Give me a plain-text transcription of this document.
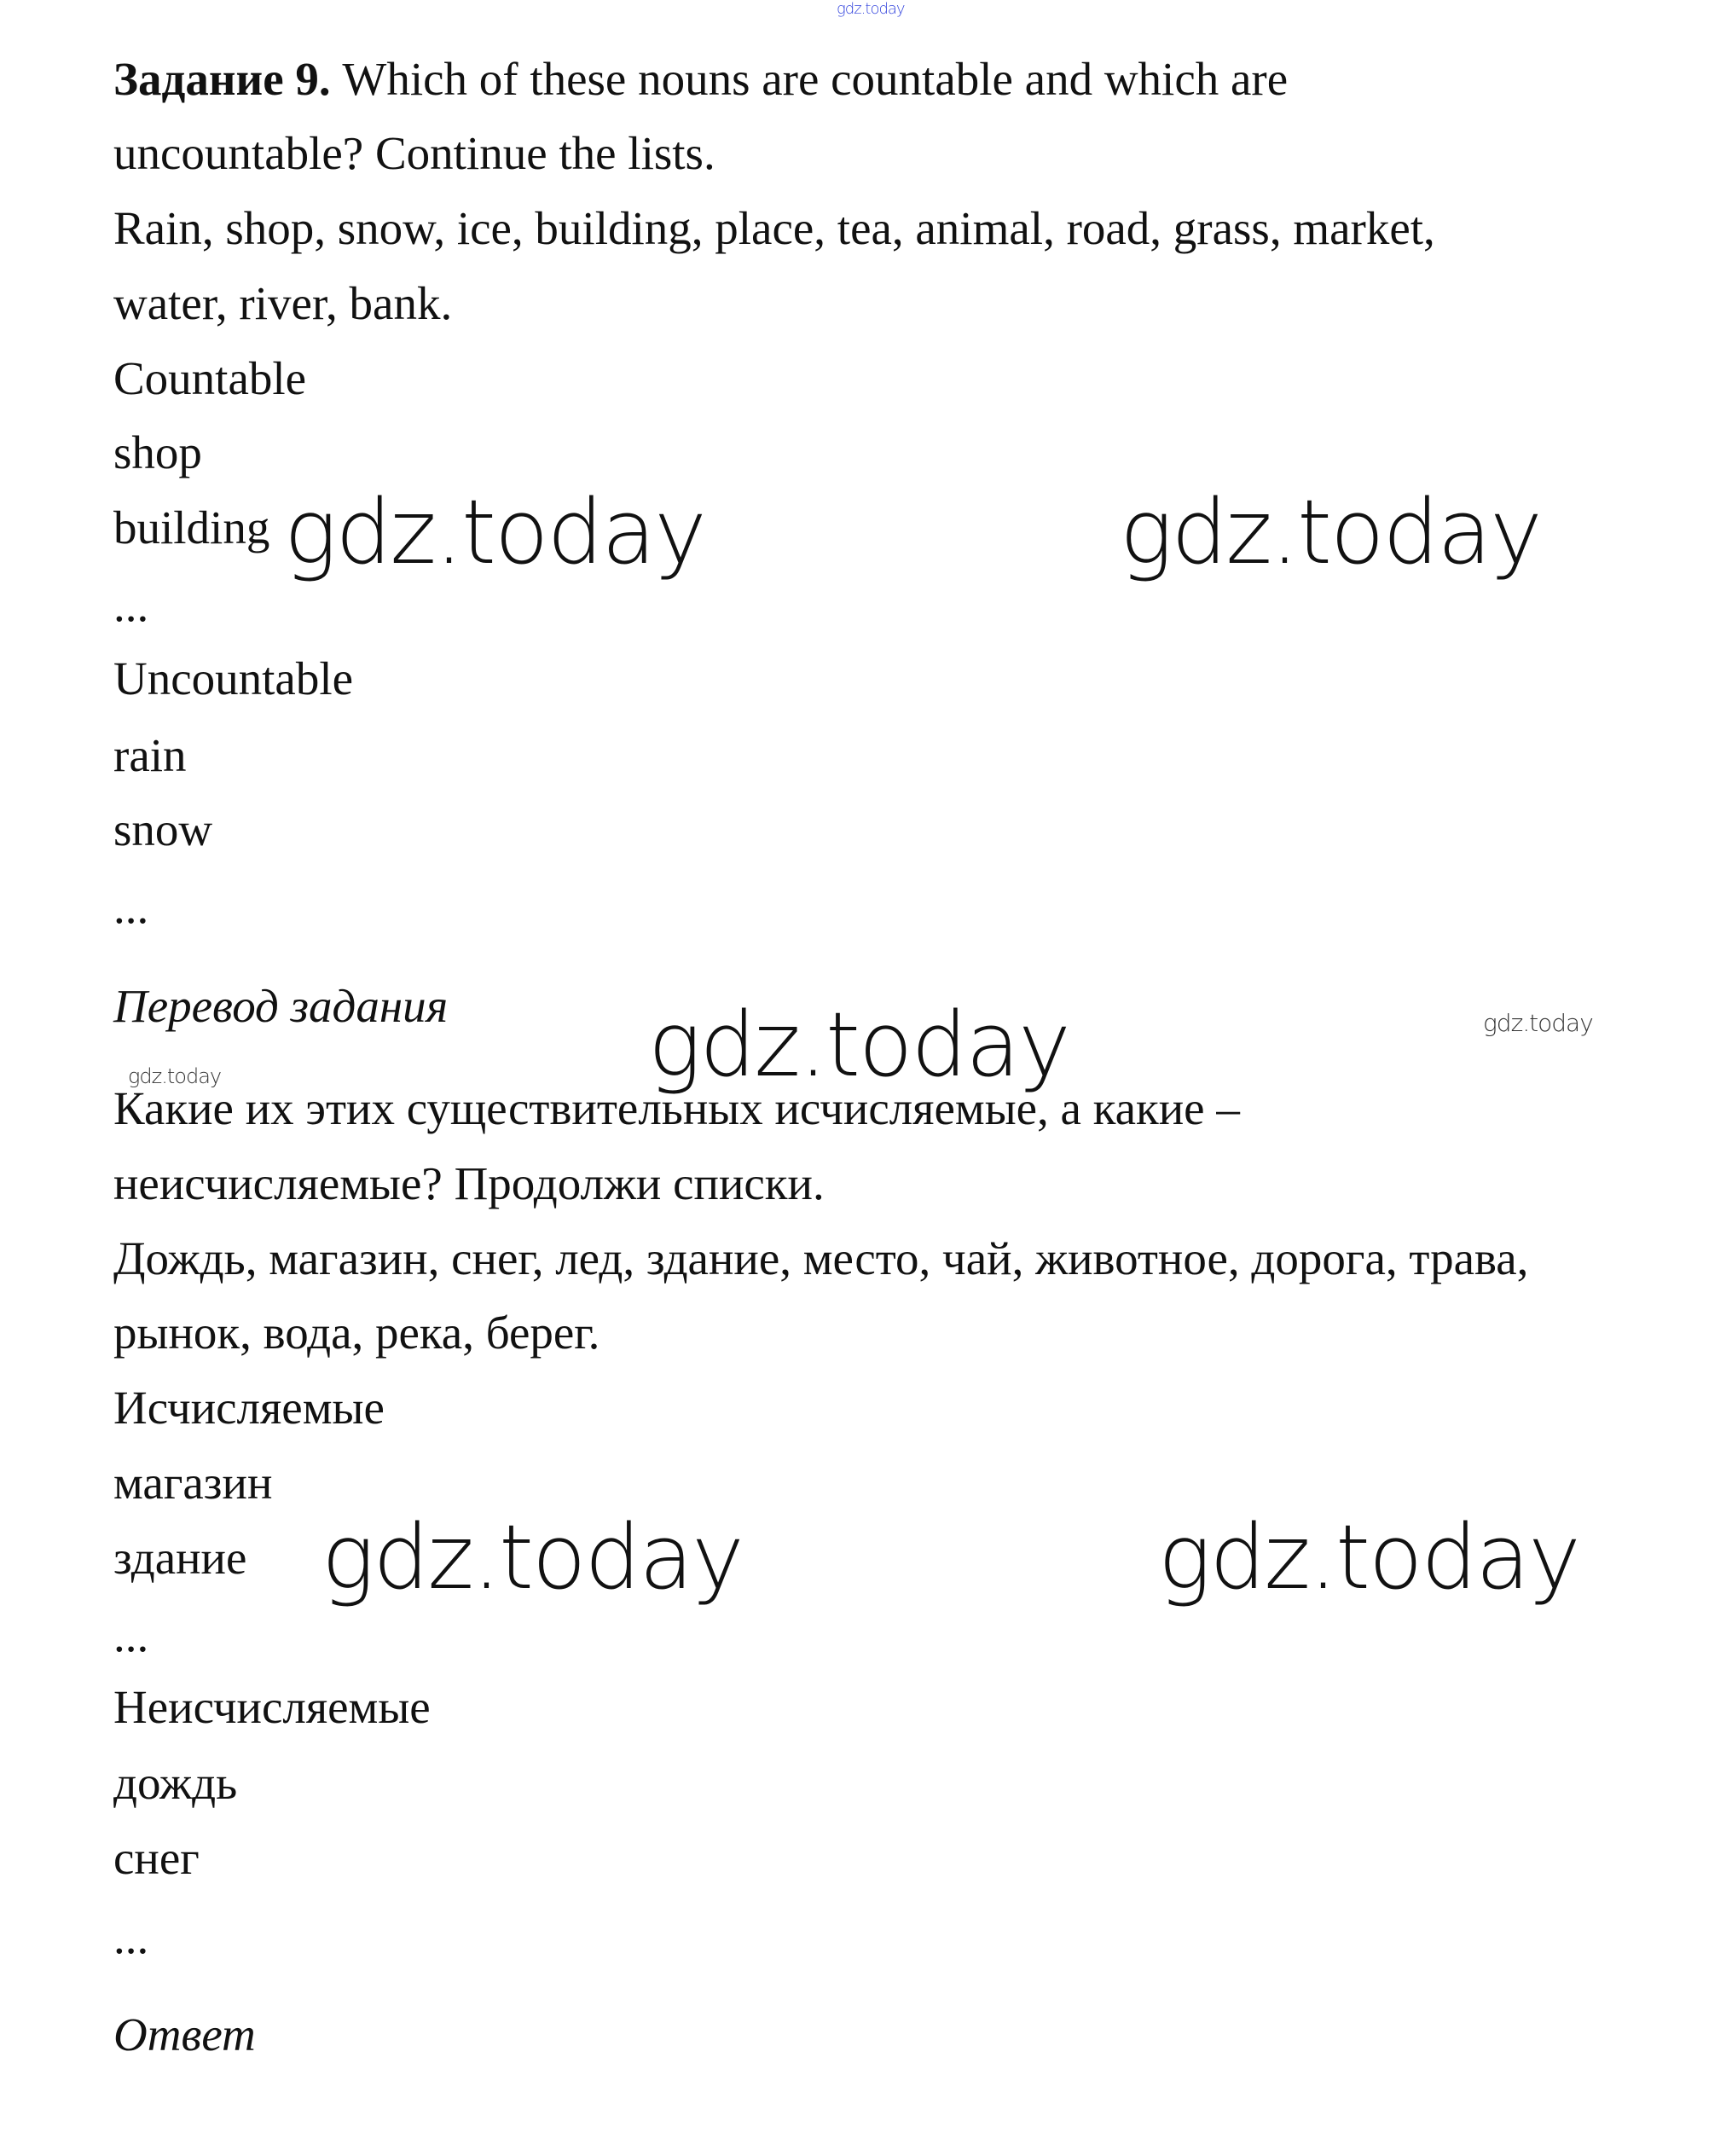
gdz.today
Задание 9. Which of these nouns are countable and which are
uncountable? Continue the lists.
Rain, shop, snow, ice, building, place, tea, animal, road, grass, market,
water, river, bank.
Countable
shop
building
...
Uncountable
rain
snow
...
Перевод задания
Какие их этих существительных исчисляемые, а какие –
неисчисляемые? Продолжи списки.
Дождь, магазин, снег, лед, здание, место, чай, животное, дорога, трава,
рынок, вода, река, берег.
Исчисляемые
магазин
здание
...
Неисчисляемые
дождь
снег
...
Ответ
gdz.today	gdz.today
gdz.today
gdz.today	gdz.today
gdz.today
gdz.today
